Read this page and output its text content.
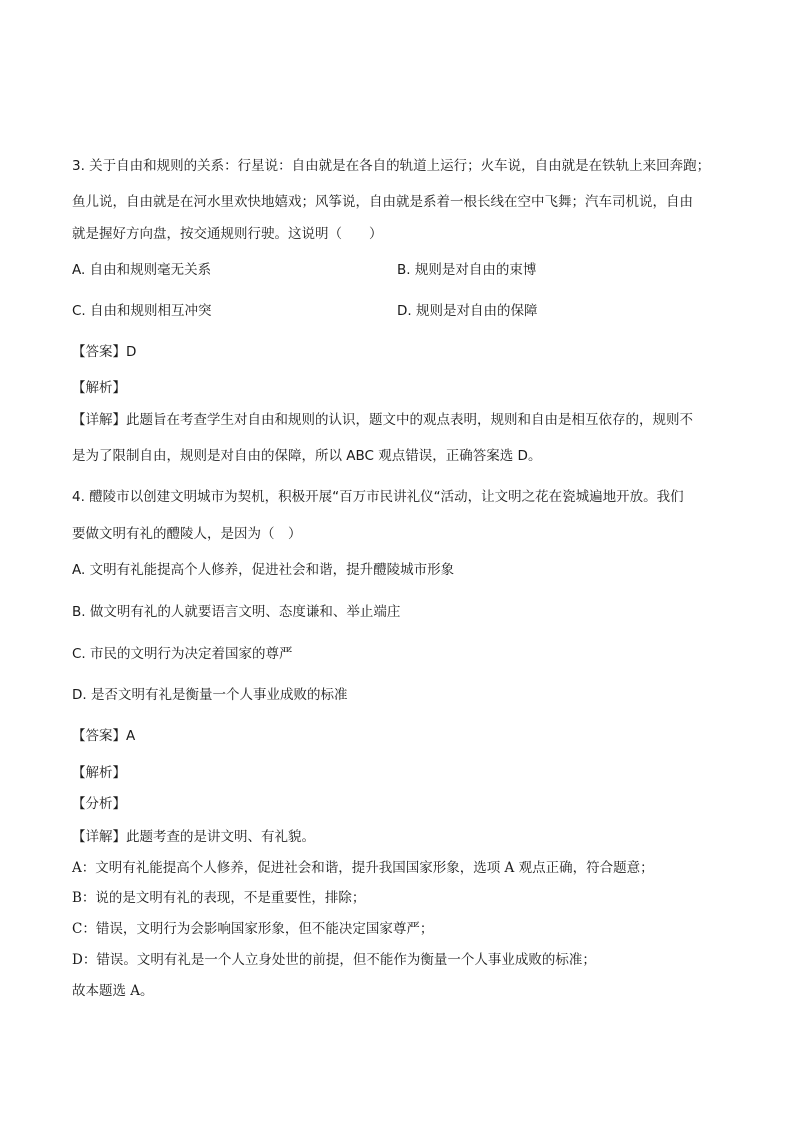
3. 关于自由和规则的关系：行星说：自由就是在各自的轨道上运行；火车说，自由就是在铁轨上来回奔跑；
鱼儿说，自由就是在河水里欢快地嬉戏；风筝说，自由就是系着一根长线在空中飞舞；汽车司机说，自由
就是握好方向盘，按交通规则行驶。这说明（　　）
A. 自由和规则毫无关系	B. 规则是对自由的束博
C. 自由和规则相互冲突	D. 规则是对自由的保障
【答案】D
【解析】
【详解】此题旨在考查学生对自由和规则的认识，题文中的观点表明，规则和自由是相互依存的，规则不
是为了限制自由，规则是对自由的保障，所以 ABC 观点错误，正确答案选 D。
4. 醴陵市以创建文明城市为契机，积极开展“百万市民讲礼仪“活动，让文明之花在瓷城遍地开放。我们
要做文明有礼的醴陵人，是因为（　）
A. 文明有礼能提高个人修养，促进社会和谐，提升醴陵城市形象
B. 做文明有礼的人就要语言文明、态度谦和、举止端庄
C. 市民的文明行为决定着国家的尊严
D. 是否文明有礼是衡量一个人事业成败的标准
【答案】A
【解析】
【分析】
【详解】此题考查的是讲文明、有礼貌。
A：文明有礼能提高个人修养，促进社会和谐，提升我国国家形象，选项 A 观点正确，符合题意；
B：说的是文明有礼的表现，不是重要性，排除；
C：错误，文明行为会影响国家形象，但不能决定国家尊严；
D：错误。文明有礼是一个人立身处世的前提，但不能作为衡量一个人事业成败的标准；
故本题选 A。
